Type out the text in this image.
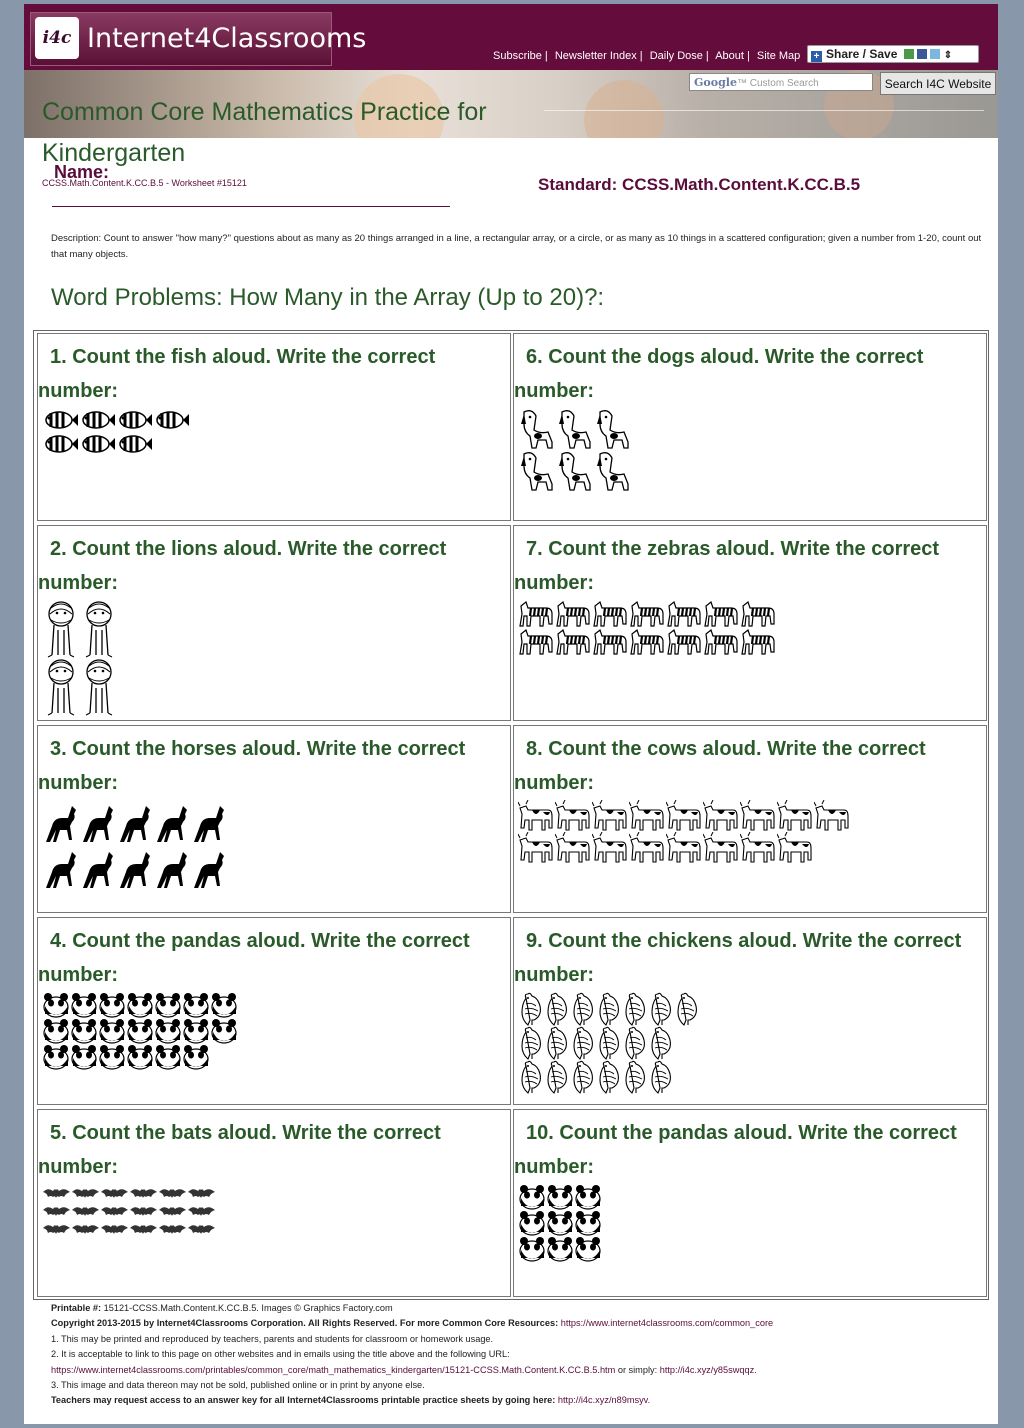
i4c Internet4Classrooms
Subscribe | Newsletter Index | Daily Dose | About | Site Map	+ Share / Save	⇕
Google™ Custom Search	Search I4C Website
Common Core Mathematics Practice for Kindergarten
Name:
CCSS.Math.Content.K.CC.B.5 - Worksheet #15121	Standard: CCSS.Math.Content.K.CC.B.5
Description: Count to answer "how many?" questions about as many as 20 things arranged in a line, a rectangular array, or a circle, or as many as 10 things in a scattered configuration; given a number from 1-20, count out that many objects.
Word Problems: How Many in the Array (Up to 20)?:
1. Count the fish aloud. Write the correct number:
2. Count the lions aloud. Write the correct number:
3. Count the horses aloud. Write the correct number:
4. Count the pandas aloud. Write the correct number:
5. Count the bats aloud. Write the correct number:
6. Count the dogs aloud. Write the correct number:
7. Count the zebras aloud. Write the correct number:
8. Count the cows aloud. Write the correct number:
9. Count the chickens aloud. Write the correct number:
10. Count the pandas aloud. Write the correct number:
Printable #: 15121-CCSS.Math.Content.K.CC.B.5. Images © Graphics Factory.com
Copyright 2013-2015 by Internet4Classrooms Corporation. All Rights Reserved. For more Common Core Resources: https://www.internet4classrooms.com/common_core
1. This may be printed and reproduced by teachers, parents and students for classroom or homework usage.
2. It is acceptable to link to this page on other websites and in emails using the title above and the following URL:
https://www.internet4classrooms.com/printables/common_core/math_mathematics_kindergarten/15121-CCSS.Math.Content.K.CC.B.5.htm or simply: http://i4c.xyz/y85swqqz.
3. This image and data thereon may not be sold, published online or in print by anyone else.
Teachers may request access to an answer key for all Internet4Classrooms printable practice sheets by going here: http://i4c.xyz/n89msyv.
